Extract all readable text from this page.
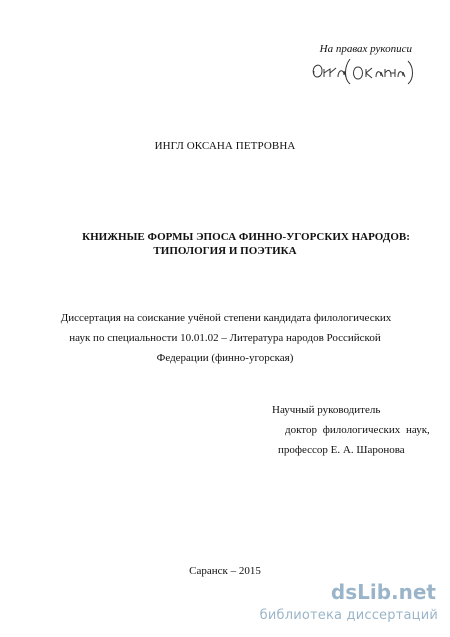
На правах рукописи
ИНГЛ ОКСАНА ПЕТРОВНА
КНИЖНЫЕ ФОРМЫ ЭПОСА ФИННО-УГОРСКИХ НАРОДОВ:
ТИПОЛОГИЯ И ПОЭТИКА
Диссертация на соискание учёной степени кандидата филологических
наук по специальности 10.01.02 – Литература народов Российской
Федерации (финно-угорская)
Научный руководитель
доктор филологических наук,
профессор Е. А. Шаронова
Саранск – 2015
dsLib.net
библиотека диссертаций
